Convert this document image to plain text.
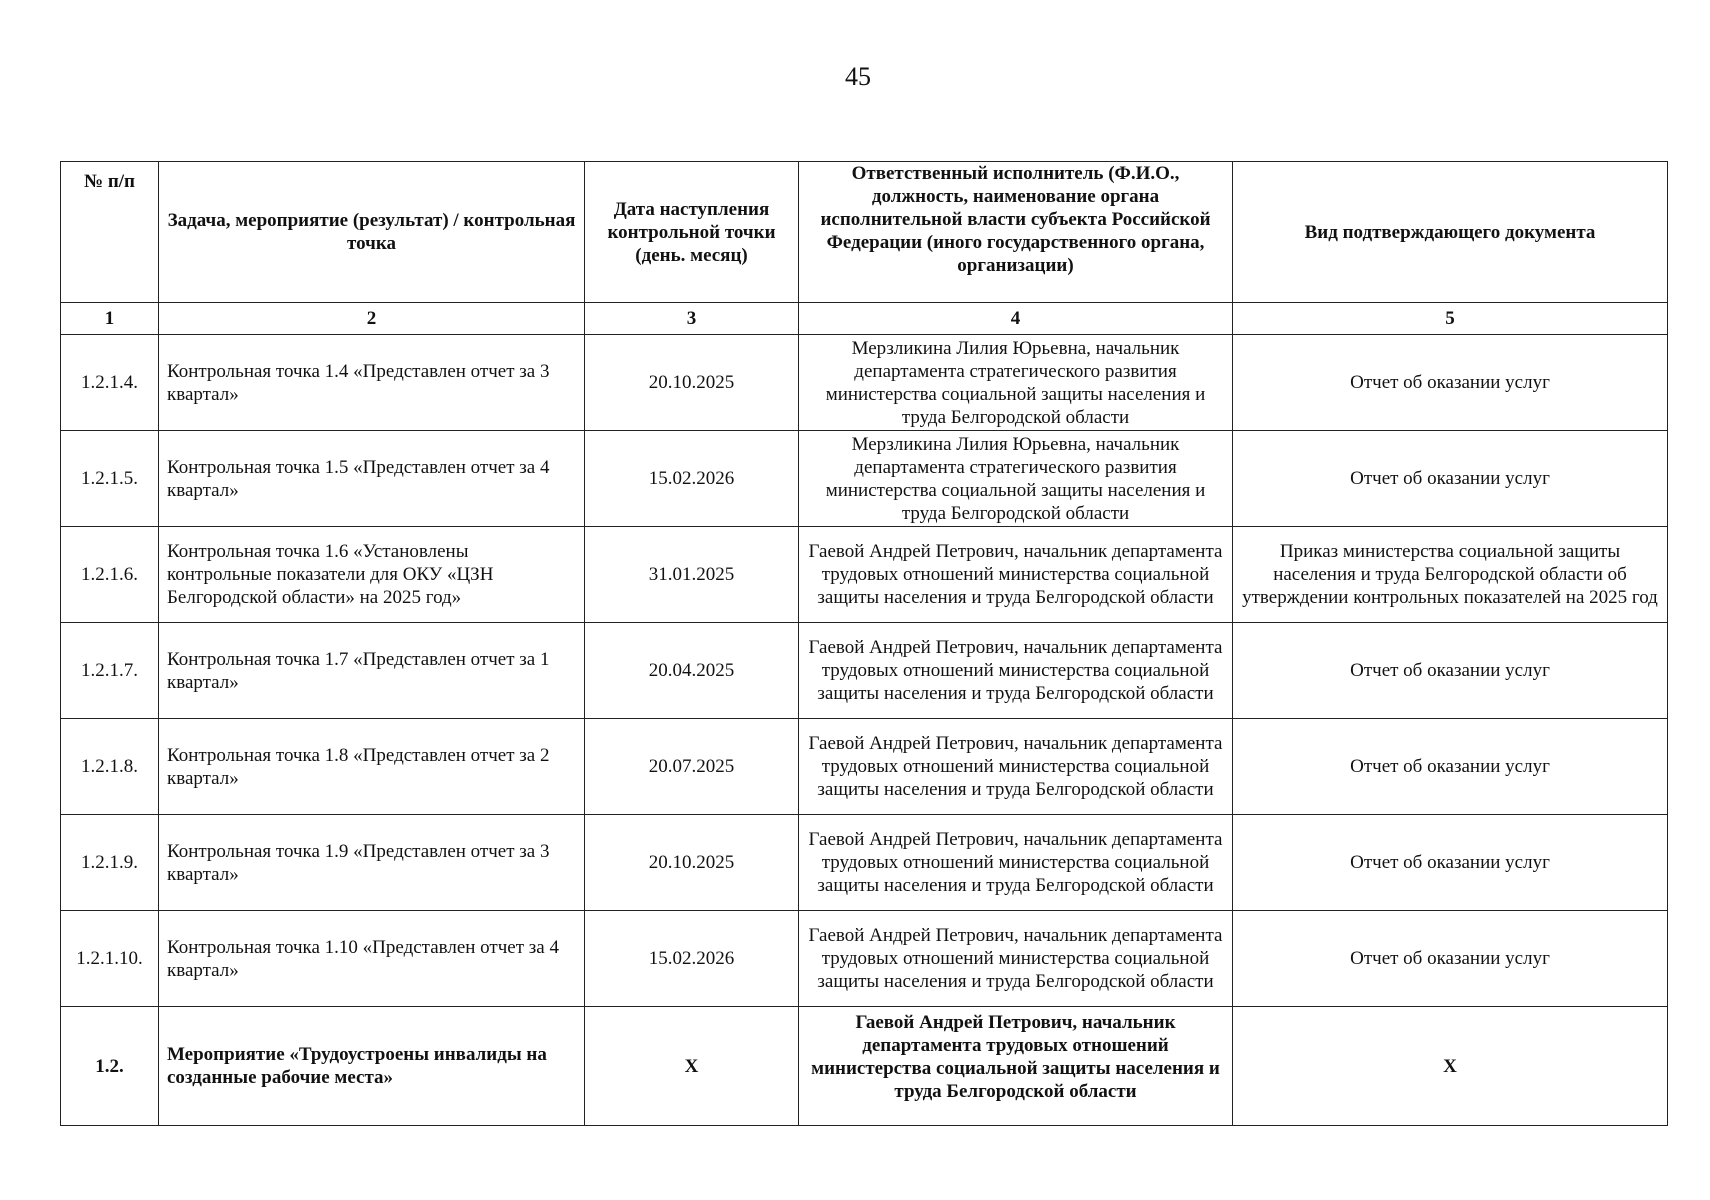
45
№ п/п	Задача, мероприятие (результат) / контрольная точка	Дата наступления контрольной точки (день. месяц)	Ответственный исполнитель (Ф.И.О., должность, наименование органа исполнительной власти субъекта Российской Федерации (иного государственного органа, организации)	Вид подтверждающего документа
1	2	3	4	5
1.2.1.4.	Контрольная точка 1.4 «Представлен отчет за 3 квартал»	20.10.2025	Мерзликина Лилия Юрьевна, начальник департамента стратегического развития министерства социальной защиты населения и труда Белгородской области	Отчет об оказании услуг
1.2.1.5.	Контрольная точка 1.5 «Представлен отчет за 4 квартал»	15.02.2026	Мерзликина Лилия Юрьевна, начальник департамента стратегического развития министерства социальной защиты населения и труда Белгородской области	Отчет об оказании услуг
1.2.1.6.	Контрольная точка 1.6 «Установлены контрольные показатели для ОКУ «ЦЗН Белгородской области» на 2025 год»	31.01.2025	Гаевой Андрей Петрович, начальник департамента трудовых отношений министерства социальной защиты населения и труда Белгородской области	Приказ министерства социальной защиты населения и труда Белгородской области об утверждении контрольных показателей на 2025 год
1.2.1.7.	Контрольная точка 1.7 «Представлен отчет за 1 квартал»	20.04.2025	Гаевой Андрей Петрович, начальник департамента трудовых отношений министерства социальной защиты населения и труда Белгородской области	Отчет об оказании услуг
1.2.1.8.	Контрольная точка 1.8 «Представлен отчет за 2 квартал»	20.07.2025	Гаевой Андрей Петрович, начальник департамента трудовых отношений министерства социальной защиты населения и труда Белгородской области	Отчет об оказании услуг
1.2.1.9.	Контрольная точка 1.9 «Представлен отчет за 3 квартал»	20.10.2025	Гаевой Андрей Петрович, начальник департамента трудовых отношений министерства социальной защиты населения и труда Белгородской области	Отчет об оказании услуг
1.2.1.10.	Контрольная точка 1.10 «Представлен отчет за 4 квартал»	15.02.2026	Гаевой Андрей Петрович, начальник департамента трудовых отношений министерства социальной защиты населения и труда Белгородской области	Отчет об оказании услуг
1.2.	Мероприятие «Трудоустроены инвалиды на созданные рабочие места»	X	Гаевой Андрей Петрович, начальник департамента трудовых отношений министерства социальной защиты населения и труда Белгородской области	X
